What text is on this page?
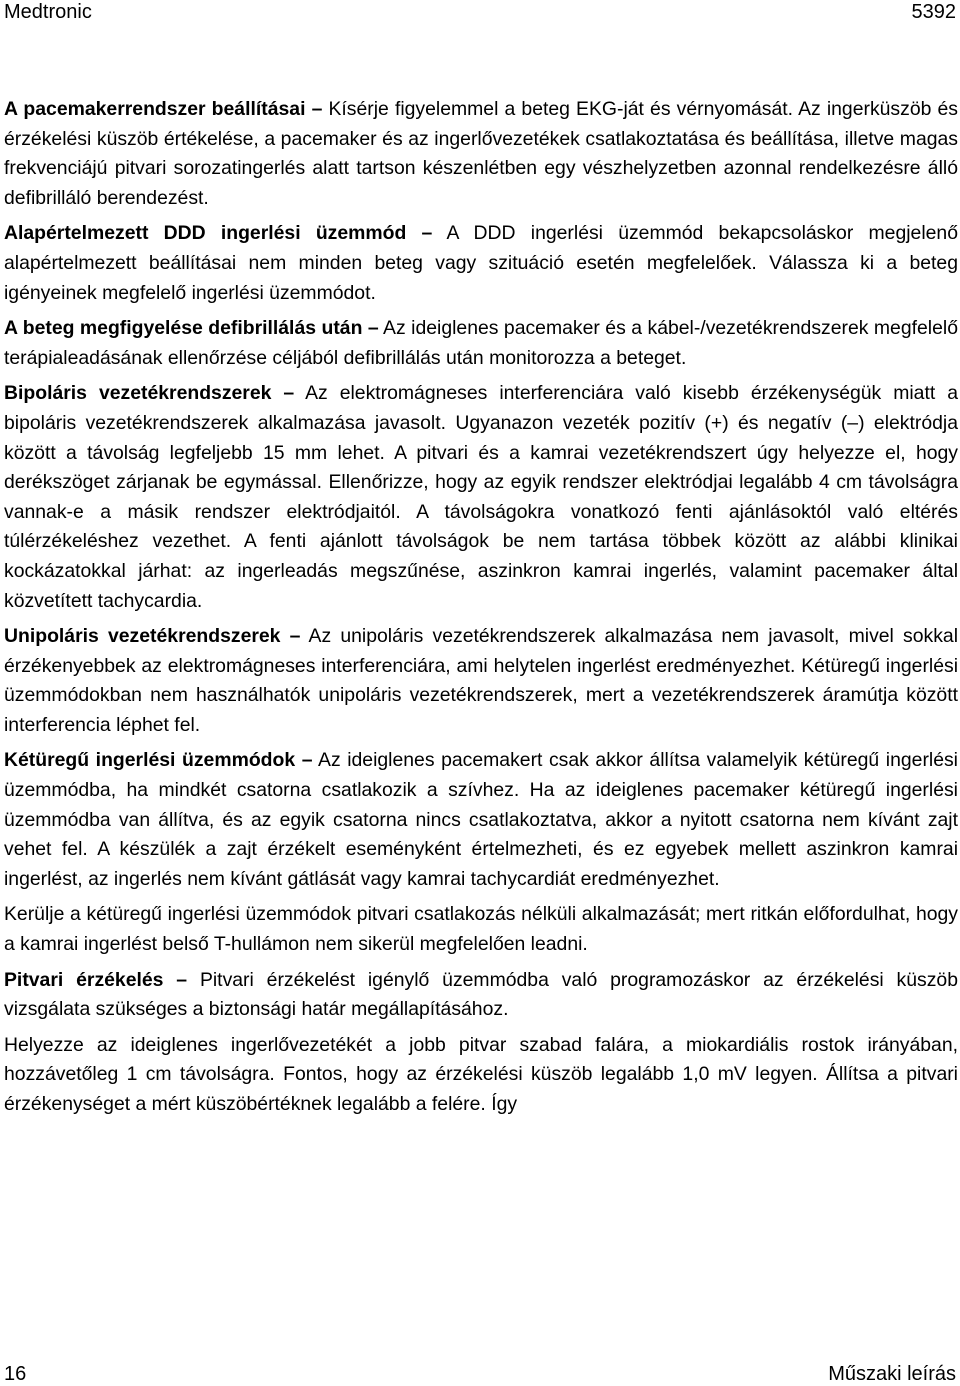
Medtronic	5392

A pacemakerrendszer beállításai – Kísérje figyelemmel a beteg EKG-ját és vérnyomását. Az ingerküszöb és érzékelési küszöb értékelése, a pacemaker és az ingerlővezetékek csatlakoztatása és beállítása, illetve magas frekvenciájú pitvari sorozatingerlés alatt tartson készenlétben egy vészhelyzetben azonnal rendelkezésre álló defibrilláló berendezést.

Alapértelmezett DDD ingerlési üzemmód – A DDD ingerlési üzemmód bekapcsoláskor megjelenő alapértelmezett beállításai nem minden beteg vagy szituáció esetén megfelelőek. Válassza ki a beteg igényeinek megfelelő ingerlési üzemmódot.

A beteg megfigyelése defibrillálás után – Az ideiglenes pacemaker és a kábel-/vezetékrendszerek megfelelő terápialeadásának ellenőrzése céljából defibrillálás után monitorozza a beteget.

Bipoláris vezetékrendszerek – Az elektromágneses interferenciára való kisebb érzékenységük miatt a bipoláris vezetékrendszerek alkalmazása javasolt. Ugyanazon vezeték pozitív (+) és negatív (–) elektródja között a távolság legfeljebb 15 mm lehet. A pitvari és a kamrai vezetékrendszert úgy helyezze el, hogy derékszöget zárjanak be egymással. Ellenőrizze, hogy az egyik rendszer elektródjai legalább 4 cm távolságra vannak-e a másik rendszer elektródjaitól. A távolságokra vonatkozó fenti ajánlásoktól való eltérés túlérzékeléshez vezethet. A fenti ajánlott távolságok be nem tartása többek között az alábbi klinikai kockázatokkal járhat: az ingerleadás megszűnése, aszinkron kamrai ingerlés, valamint pacemaker által közvetített tachycardia.

Unipoláris vezetékrendszerek – Az unipoláris vezetékrendszerek alkalmazása nem javasolt, mivel sokkal érzékenyebbek az elektromágneses interferenciára, ami helytelen ingerlést eredményezhet. Kétüregű ingerlési üzemmódokban nem használhatók unipoláris vezetékrendszerek, mert a vezetékrendszerek áramútja között interferencia léphet fel.

Kétüregű ingerlési üzemmódok – Az ideiglenes pacemakert csak akkor állítsa valamelyik kétüregű ingerlési üzemmódba, ha mindkét csatorna csatlakozik a szívhez. Ha az ideiglenes pacemaker kétüregű ingerlési üzemmódba van állítva, és az egyik csatorna nincs csatlakoztatva, akkor a nyitott csatorna nem kívánt zajt vehet fel. A készülék a zajt érzékelt eseményként értelmezheti, és ez egyebek mellett aszinkron kamrai ingerlést, az ingerlés nem kívánt gátlását vagy kamrai tachycardiát eredményezhet.

Kerülje a kétüregű ingerlési üzemmódok pitvari csatlakozás nélküli alkalmazását; mert ritkán előfordulhat, hogy a kamrai ingerlést belső T-hullámon nem sikerül megfelelően leadni.

Pitvari érzékelés – Pitvari érzékelést igénylő üzemmódba való programozáskor az érzékelési küszöb vizsgálata szükséges a biztonsági határ megállapításához.

Helyezze az ideiglenes ingerlővezetékét a jobb pitvar szabad falára, a miokardiális rostok irányában, hozzávetőleg 1 cm távolságra. Fontos, hogy az érzékelési küszöb legalább 1,0 mV legyen. Állítsa a pitvari érzékenységet a mért küszöbértéknek legalább a felére. Így

16	Műszaki leírás
